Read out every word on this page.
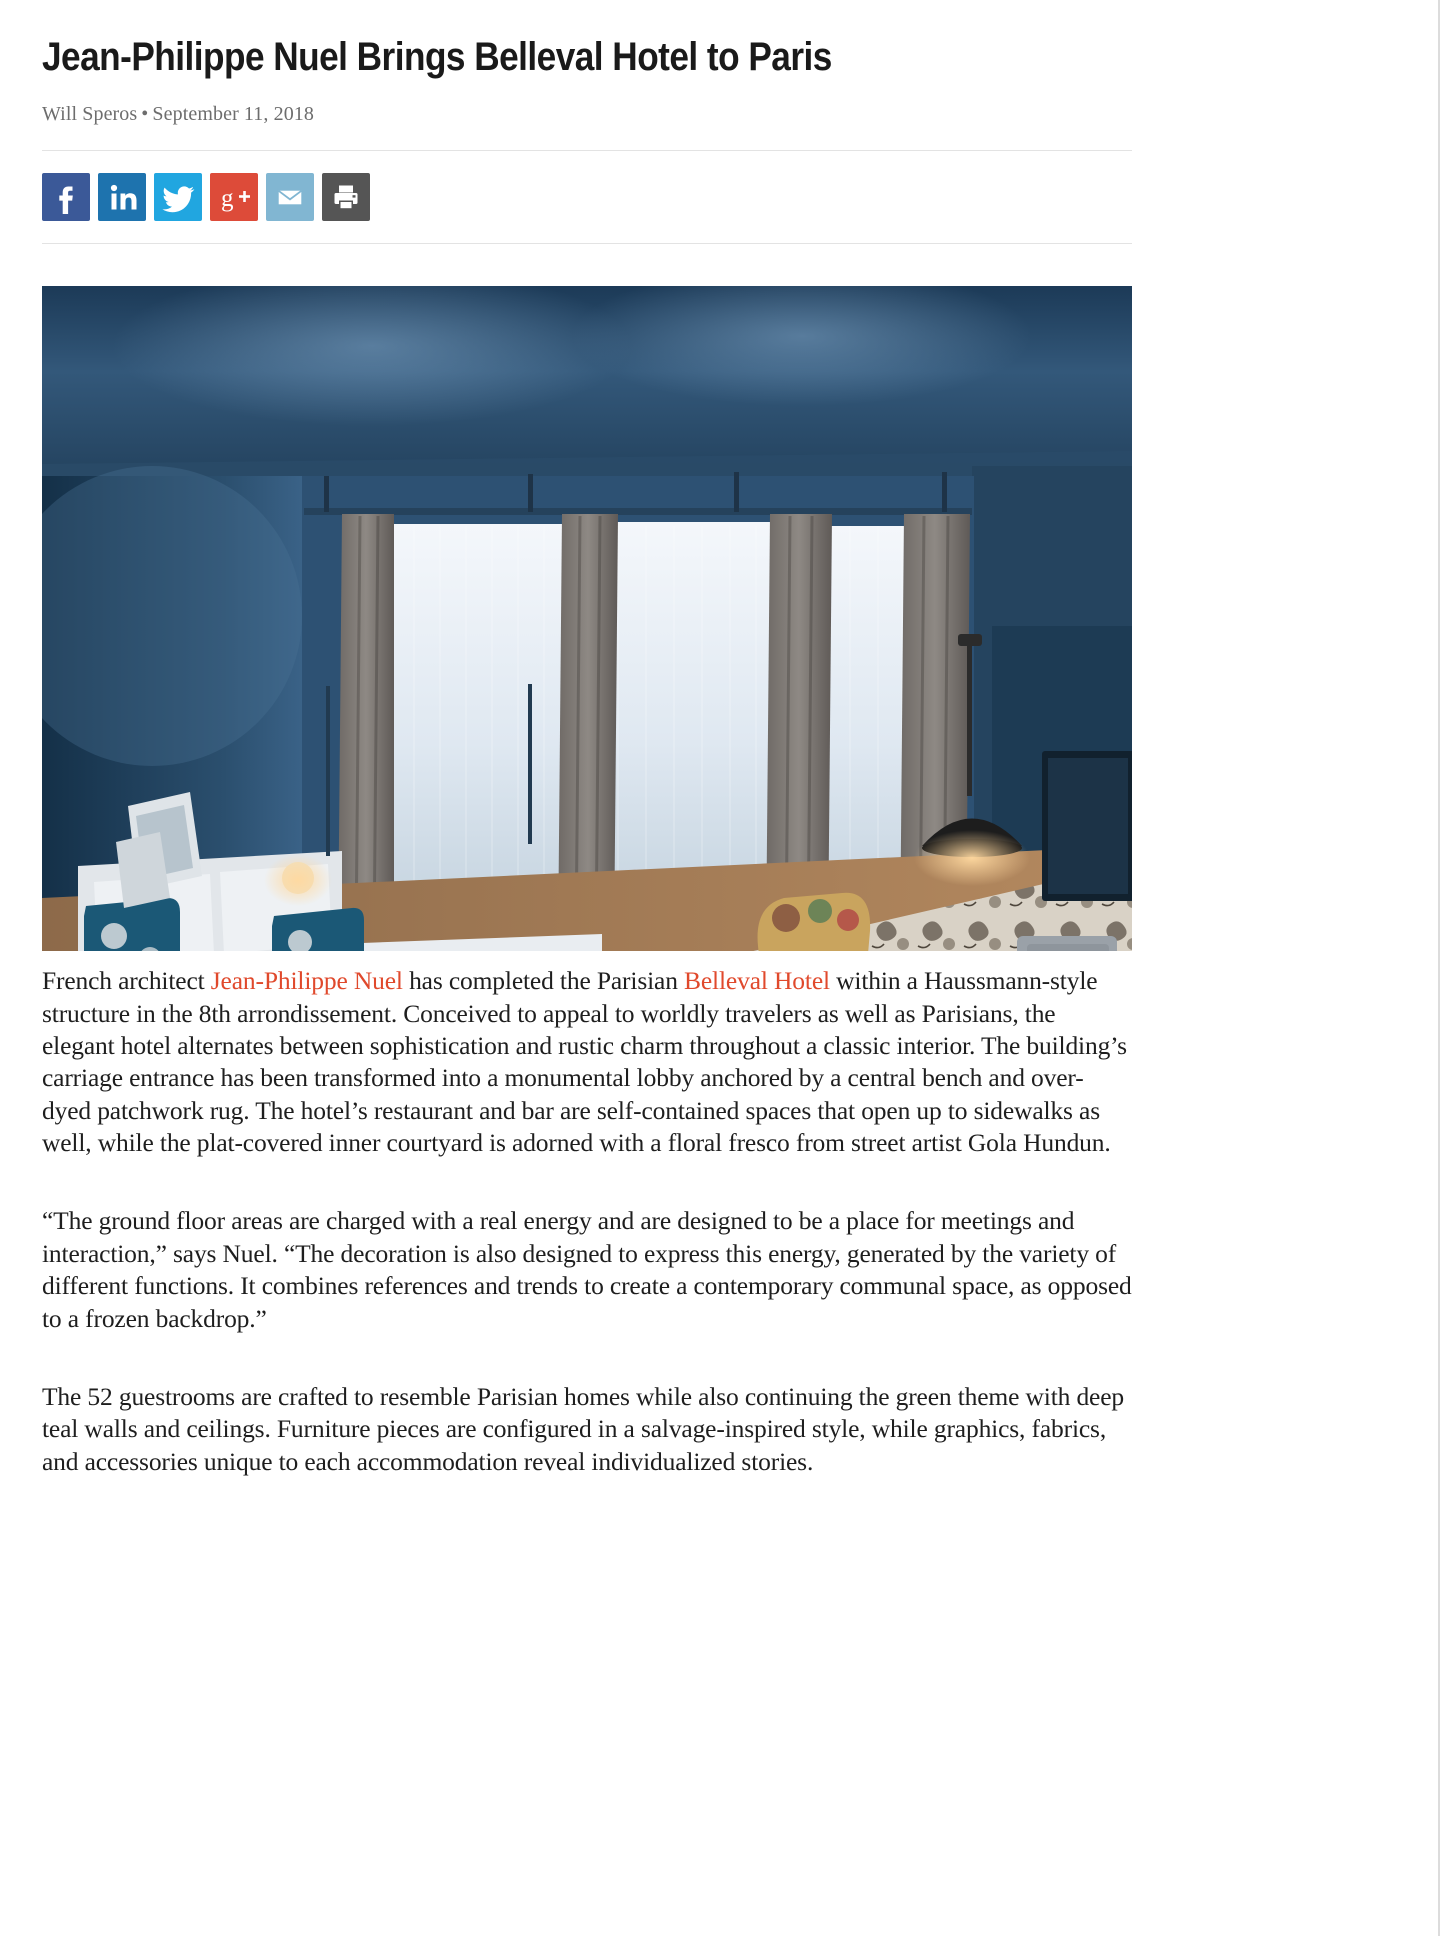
Jean-Philippe Nuel Brings Belleval Hotel to Paris

Will Speros • September 11, 2018

g

French architect Jean-Philippe Nuel has completed the Parisian Belleval Hotel within a Haussmann-style structure in the 8th arrondissement. Conceived to appeal to worldly travelers as well as Parisians, the elegant hotel alternates between sophistication and rustic charm throughout a classic interior. The building’s carriage entrance has been transformed into a monumental lobby anchored by a central bench and over-dyed patchwork rug. The hotel’s restaurant and bar are self-contained spaces that open up to sidewalks as well, while the plat-covered inner courtyard is adorned with a floral fresco from street artist Gola Hundun.

“The ground floor areas are charged with a real energy and are designed to be a place for meetings and interaction,” says Nuel. “The decoration is also designed to express this energy, generated by the variety of different functions. It combines references and trends to create a contemporary communal space, as opposed to a frozen backdrop.”

The 52 guestrooms are crafted to resemble Parisian homes while also continuing the green theme with deep teal walls and ceilings. Furniture pieces are configured in a salvage-inspired style, while graphics, fabrics, and accessories unique to each accommodation reveal individualized stories.
